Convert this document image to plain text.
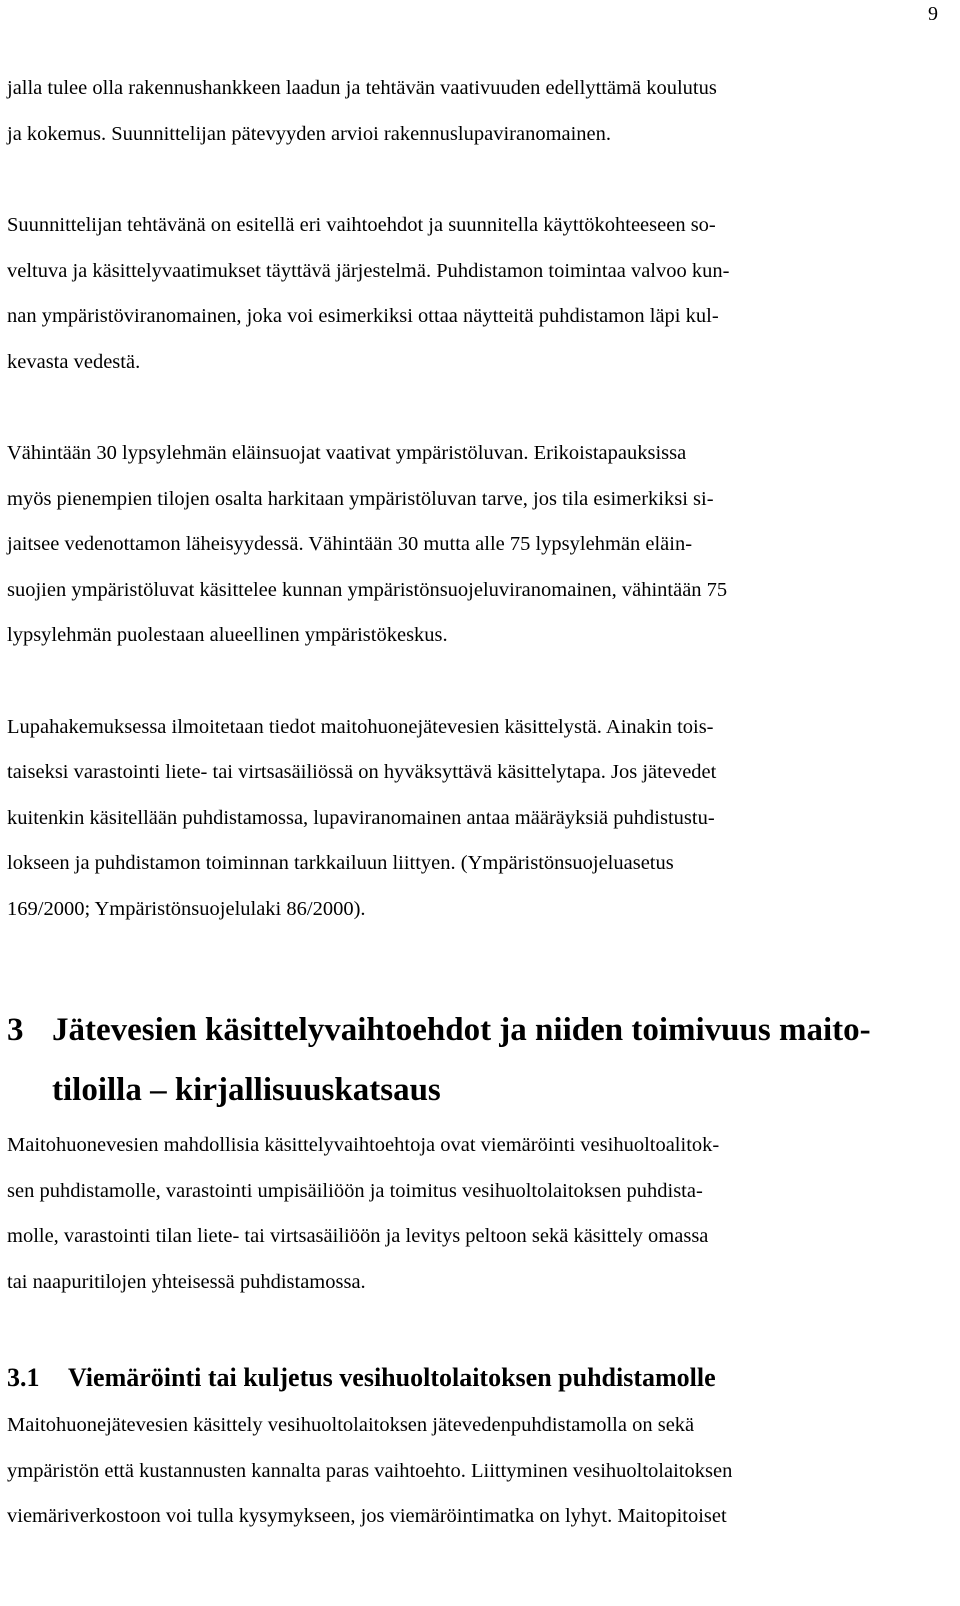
9
jalla tulee olla rakennushankkeen laadun ja tehtävän vaativuuden edellyttämä koulutus
ja kokemus. Suunnittelijan pätevyyden arvioi rakennuslupaviranomainen.
Suunnittelijan tehtävänä on esitellä eri vaihtoehdot ja suunnitella käyttökohteeseen so-
veltuva ja käsittelyvaatimukset täyttävä järjestelmä. Puhdistamon toimintaa valvoo kun-
nan ympäristöviranomainen, joka voi esimerkiksi ottaa näytteitä puhdistamon läpi kul-
kevasta vedestä.
Vähintään 30 lypsylehmän eläinsuojat vaativat ympäristöluvan. Erikoistapauksissa
myös pienempien tilojen osalta harkitaan ympäristöluvan tarve, jos tila esimerkiksi si-
jaitsee vedenottamon läheisyydessä. Vähintään 30 mutta alle 75 lypsylehmän eläin-
suojien ympäristöluvat käsittelee kunnan ympäristönsuojeluviranomainen, vähintään 75
lypsylehmän puolestaan alueellinen ympäristökeskus.
Lupahakemuksessa ilmoitetaan tiedot maitohuonejätevesien käsittelystä. Ainakin tois-
taiseksi varastointi liete- tai virtsasäiliössä on hyväksyttävä käsittelytapa. Jos jätevedet
kuitenkin käsitellään puhdistamossa, lupaviranomainen antaa määräyksiä puhdistustu-
lokseen ja puhdistamon toiminnan tarkkailuun liittyen. (Ympäristönsuojeluasetus
169/2000; Ympäristönsuojelulaki 86/2000).
3 Jätevesien käsittelyvaihtoehdot ja niiden toimivuus maito-
tiloilla – kirjallisuuskatsaus
Maitohuonevesien mahdollisia käsittelyvaihtoehtoja ovat viemäröinti vesihuoltoalitok-
sen puhdistamolle, varastointi umpisäiliöön ja toimitus vesihuoltolaitoksen puhdista-
molle, varastointi tilan liete- tai virtsasäiliöön ja levitys peltoon sekä käsittely omassa
tai naapuritilojen yhteisessä puhdistamossa.
3.1 Viemäröinti tai kuljetus vesihuoltolaitoksen puhdistamolle
Maitohuonejätevesien käsittely vesihuoltolaitoksen jätevedenpuhdistamolla on sekä
ympäristön että kustannusten kannalta paras vaihtoehto. Liittyminen vesihuoltolaitoksen
viemäriverkostoon voi tulla kysymykseen, jos viemäröintimatka on lyhyt. Maitopitoiset
